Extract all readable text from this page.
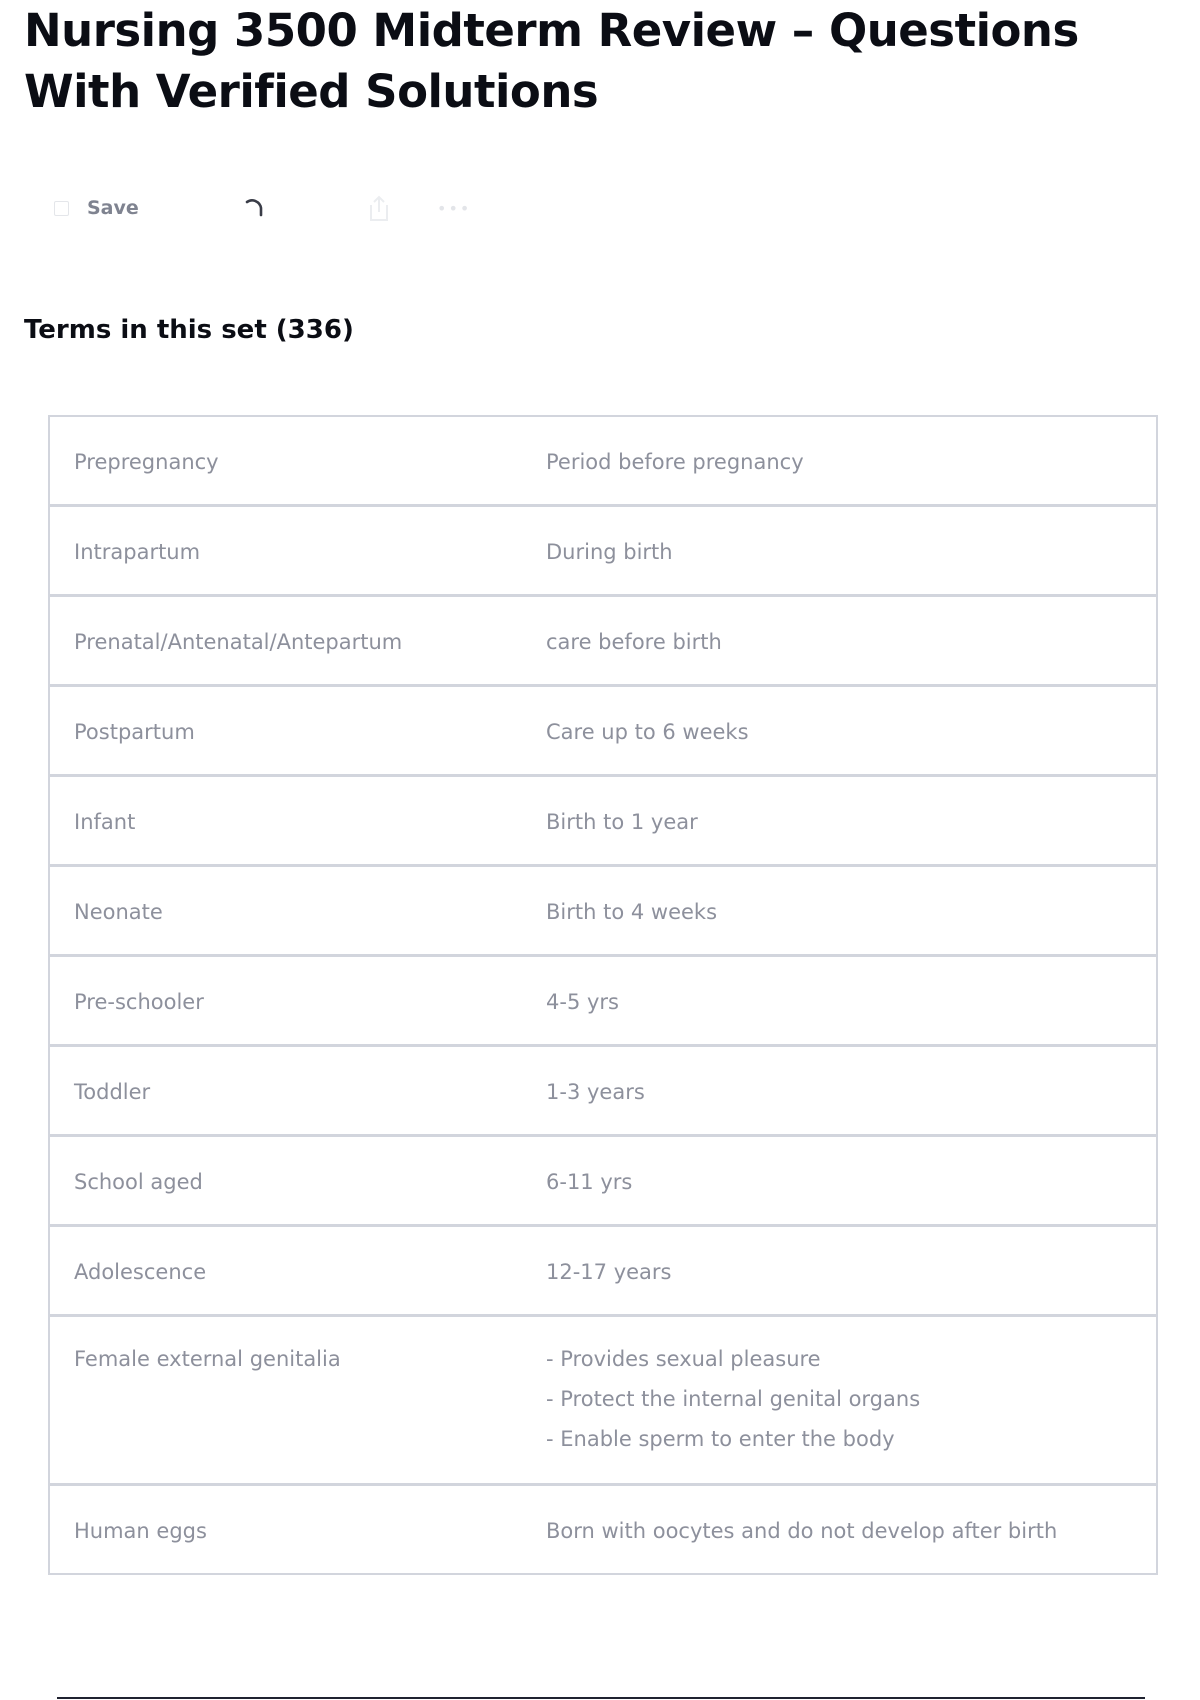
Nursing 3500 Midterm Review – Questions With Verified Solutions
Save	•••
Terms in this set (336)
Prepregnancy	Period before pregnancy
Intrapartum	During birth
Prenatal/Antenatal/Antepartum	care before birth
Postpartum	Care up to 6 weeks
Infant	Birth to 1 year
Neonate	Birth to 4 weeks
Pre-schooler	4-5 yrs
Toddler	1-3 years
School aged	6-11 yrs
Adolescence	12-17 years
Female external genitalia	- Provides sexual pleasure
- Protect the internal genital organs
- Enable sperm to enter the body
Human eggs	Born with oocytes and do not develop after birth
